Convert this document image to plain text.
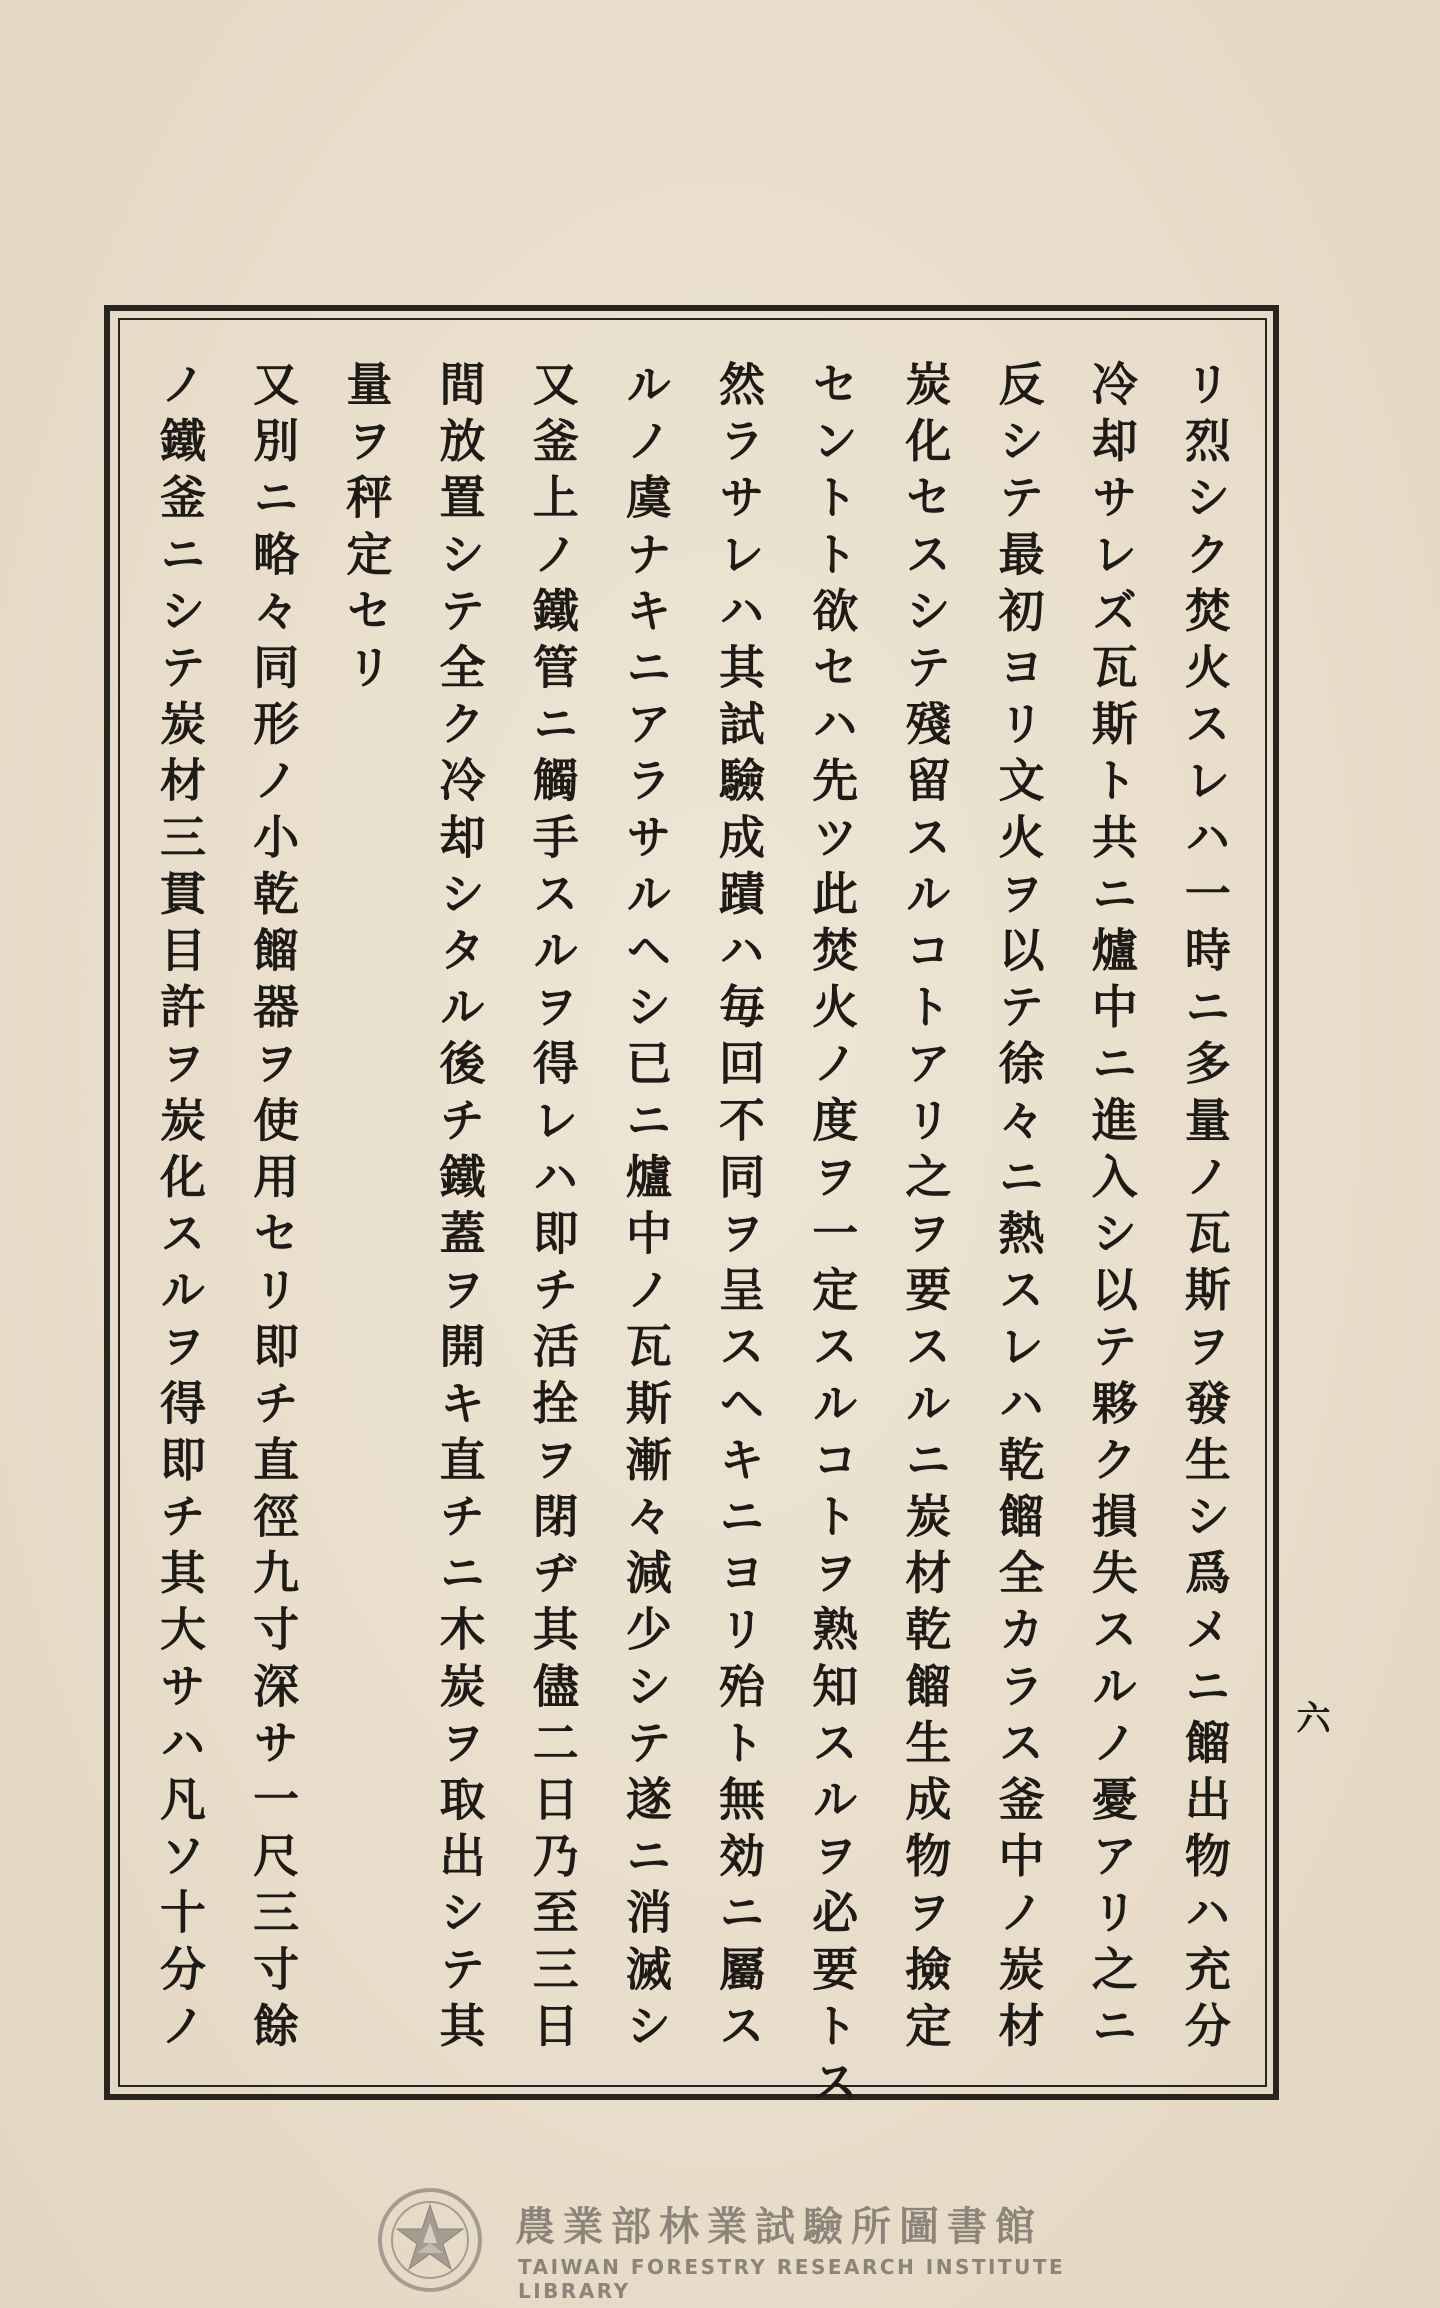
リ烈シク焚火スレハ一時ニ多量ノ瓦斯ヲ發生シ爲メニ餾出物ハ充分
冷却サレズ瓦斯ト共ニ爐中ニ進入シ以テ夥ク損失スルノ憂アリ之ニ
反シテ最初ヨリ文火ヲ以テ徐々ニ熱スレハ乾餾全カラス釜中ノ炭材
炭化セスシテ殘留スルコトアリ之ヲ要スルニ炭材乾餾生成物ヲ撿定
セントト欲セハ先ツ此焚火ノ度ヲ一定スルコトヲ熟知スルヲ必要トス
然ラサレハ其試驗成蹟ハ毎回不同ヲ呈スヘキニヨリ殆ト無効ニ屬ス
ルノ虞ナキニアラサルヘシ已ニ爐中ノ瓦斯漸々減少シテ遂ニ消滅シ
又釜上ノ鐵管ニ觸手スルヲ得レハ即チ活拴ヲ閉ヂ其儘二日乃至三日
間放置シテ全ク冷却シタル後チ鐵蓋ヲ開キ直チニ木炭ヲ取出シテ其
量ヲ秤定セリ
又別ニ略々同形ノ小乾餾器ヲ使用セリ即チ直徑九寸深サ一尺三寸餘
ノ鐵釜ニシテ炭材三貫目許ヲ炭化スルヲ得即チ其大サハ凡ソ十分ノ	六
農業部林業試驗所圖書館
TAIWAN FORESTRY RESEARCH INSTITUTE LIBRARY
